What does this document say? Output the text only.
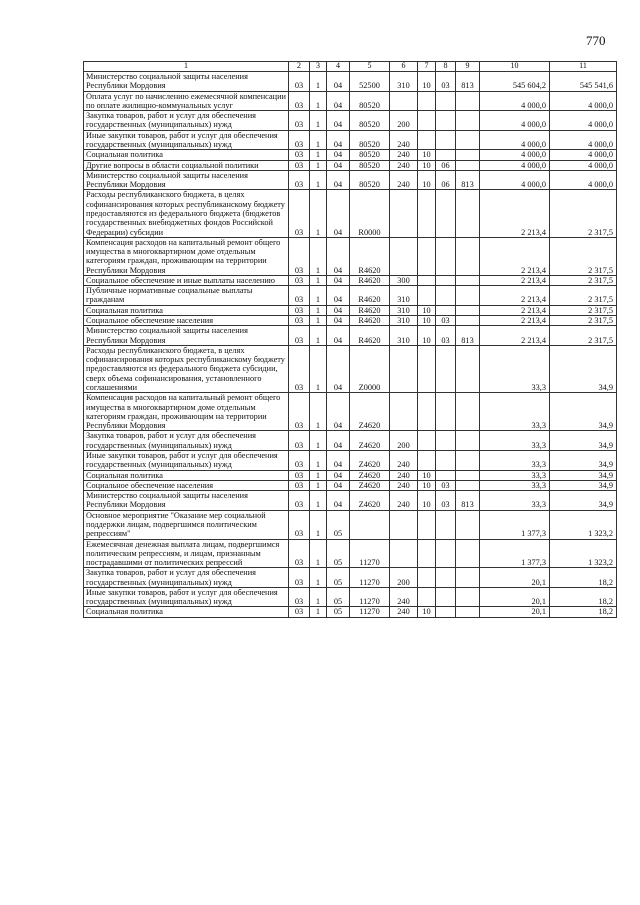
770
1	2	3	4	5	6	7	8	9	10	11
Министерство социальной защиты населения Республики Мордовия	03	1	04	52500	310	10	03	813	545 604,2	545 541,6
Оплата услуг по начислению ежемесячной компенсации по оплате жилищно-коммунальных услуг	03	1	04	80520					4 000,0	4 000,0
Закупка товаров, работ и услуг для обеспечения государственных (муниципальных) нужд	03	1	04	80520	200				4 000,0	4 000,0
Иные закупки товаров, работ и услуг для обеспечения государственных (муниципальных) нужд	03	1	04	80520	240				4 000,0	4 000,0
Социальная политика	03	1	04	80520	240	10			4 000,0	4 000,0
Другие вопросы в области социальной политики	03	1	04	80520	240	10	06		4 000,0	4 000,0
Министерство социальной защиты населения Республики Мордовия	03	1	04	80520	240	10	06	813	4 000,0	4 000,0
Расходы республиканского бюджета, в целях софинансирования которых республиканскому бюджету предоставляются из федерального бюджета (бюджетов государственных внебюджетных фондов Российской Федерации) субсидии	03	1	04	R0000					2 213,4	2 317,5
Компенсация расходов на капитальный ремонт общего имущества в многоквартирном доме отдельным категориям граждан, проживающим на территории Республики Мордовия	03	1	04	R4620					2 213,4	2 317,5
Социальное обеспечение и иные выплаты населению	03	1	04	R4620	300				2 213,4	2 317,5
Публичные нормативные социальные выплаты гражданам	03	1	04	R4620	310				2 213,4	2 317,5
Социальная политика	03	1	04	R4620	310	10			2 213,4	2 317,5
Социальное обеспечение населения	03	1	04	R4620	310	10	03		2 213,4	2 317,5
Министерство социальной защиты населения Республики Мордовия	03	1	04	R4620	310	10	03	813	2 213,4	2 317,5
Расходы республиканского бюджета, в целях софинансирования которых республиканскому бюджету предоставляются из федерального бюджета субсидии, сверх объема софинансирования, установленного соглашениями	03	1	04	Z0000					33,3	34,9
Компенсация расходов на капитальный ремонт общего имущества в многоквартирном доме отдельным категориям граждан, проживающим на территории Республики Мордовия	03	1	04	Z4620					33,3	34,9
Закупка товаров, работ и услуг для обеспечения государственных (муниципальных) нужд	03	1	04	Z4620	200				33,3	34,9
Иные закупки товаров, работ и услуг для обеспечения государственных (муниципальных) нужд	03	1	04	Z4620	240				33,3	34,9
Социальная политика	03	1	04	Z4620	240	10			33,3	34,9
Социальное обеспечение населения	03	1	04	Z4620	240	10	03		33,3	34,9
Министерство социальной защиты населения Республики Мордовия	03	1	04	Z4620	240	10	03	813	33,3	34,9
Основное мероприятие "Оказание мер социальной поддержки лицам, подвергшимся политическим репрессиям"	03	1	05						1 377,3	1 323,2
Ежемесячная денежная выплата лицам, подвергшимся политическим репрессиям, и лицам, признанным пострадавшими от политических репрессий	03	1	05	11270					1 377,3	1 323,2
Закупка товаров, работ и услуг для обеспечения государственных (муниципальных) нужд	03	1	05	11270	200				20,1	18,2
Иные закупки товаров, работ и услуг для обеспечения государственных (муниципальных) нужд	03	1	05	11270	240				20,1	18,2
Социальная политика	03	1	05	11270	240	10			20,1	18,2
